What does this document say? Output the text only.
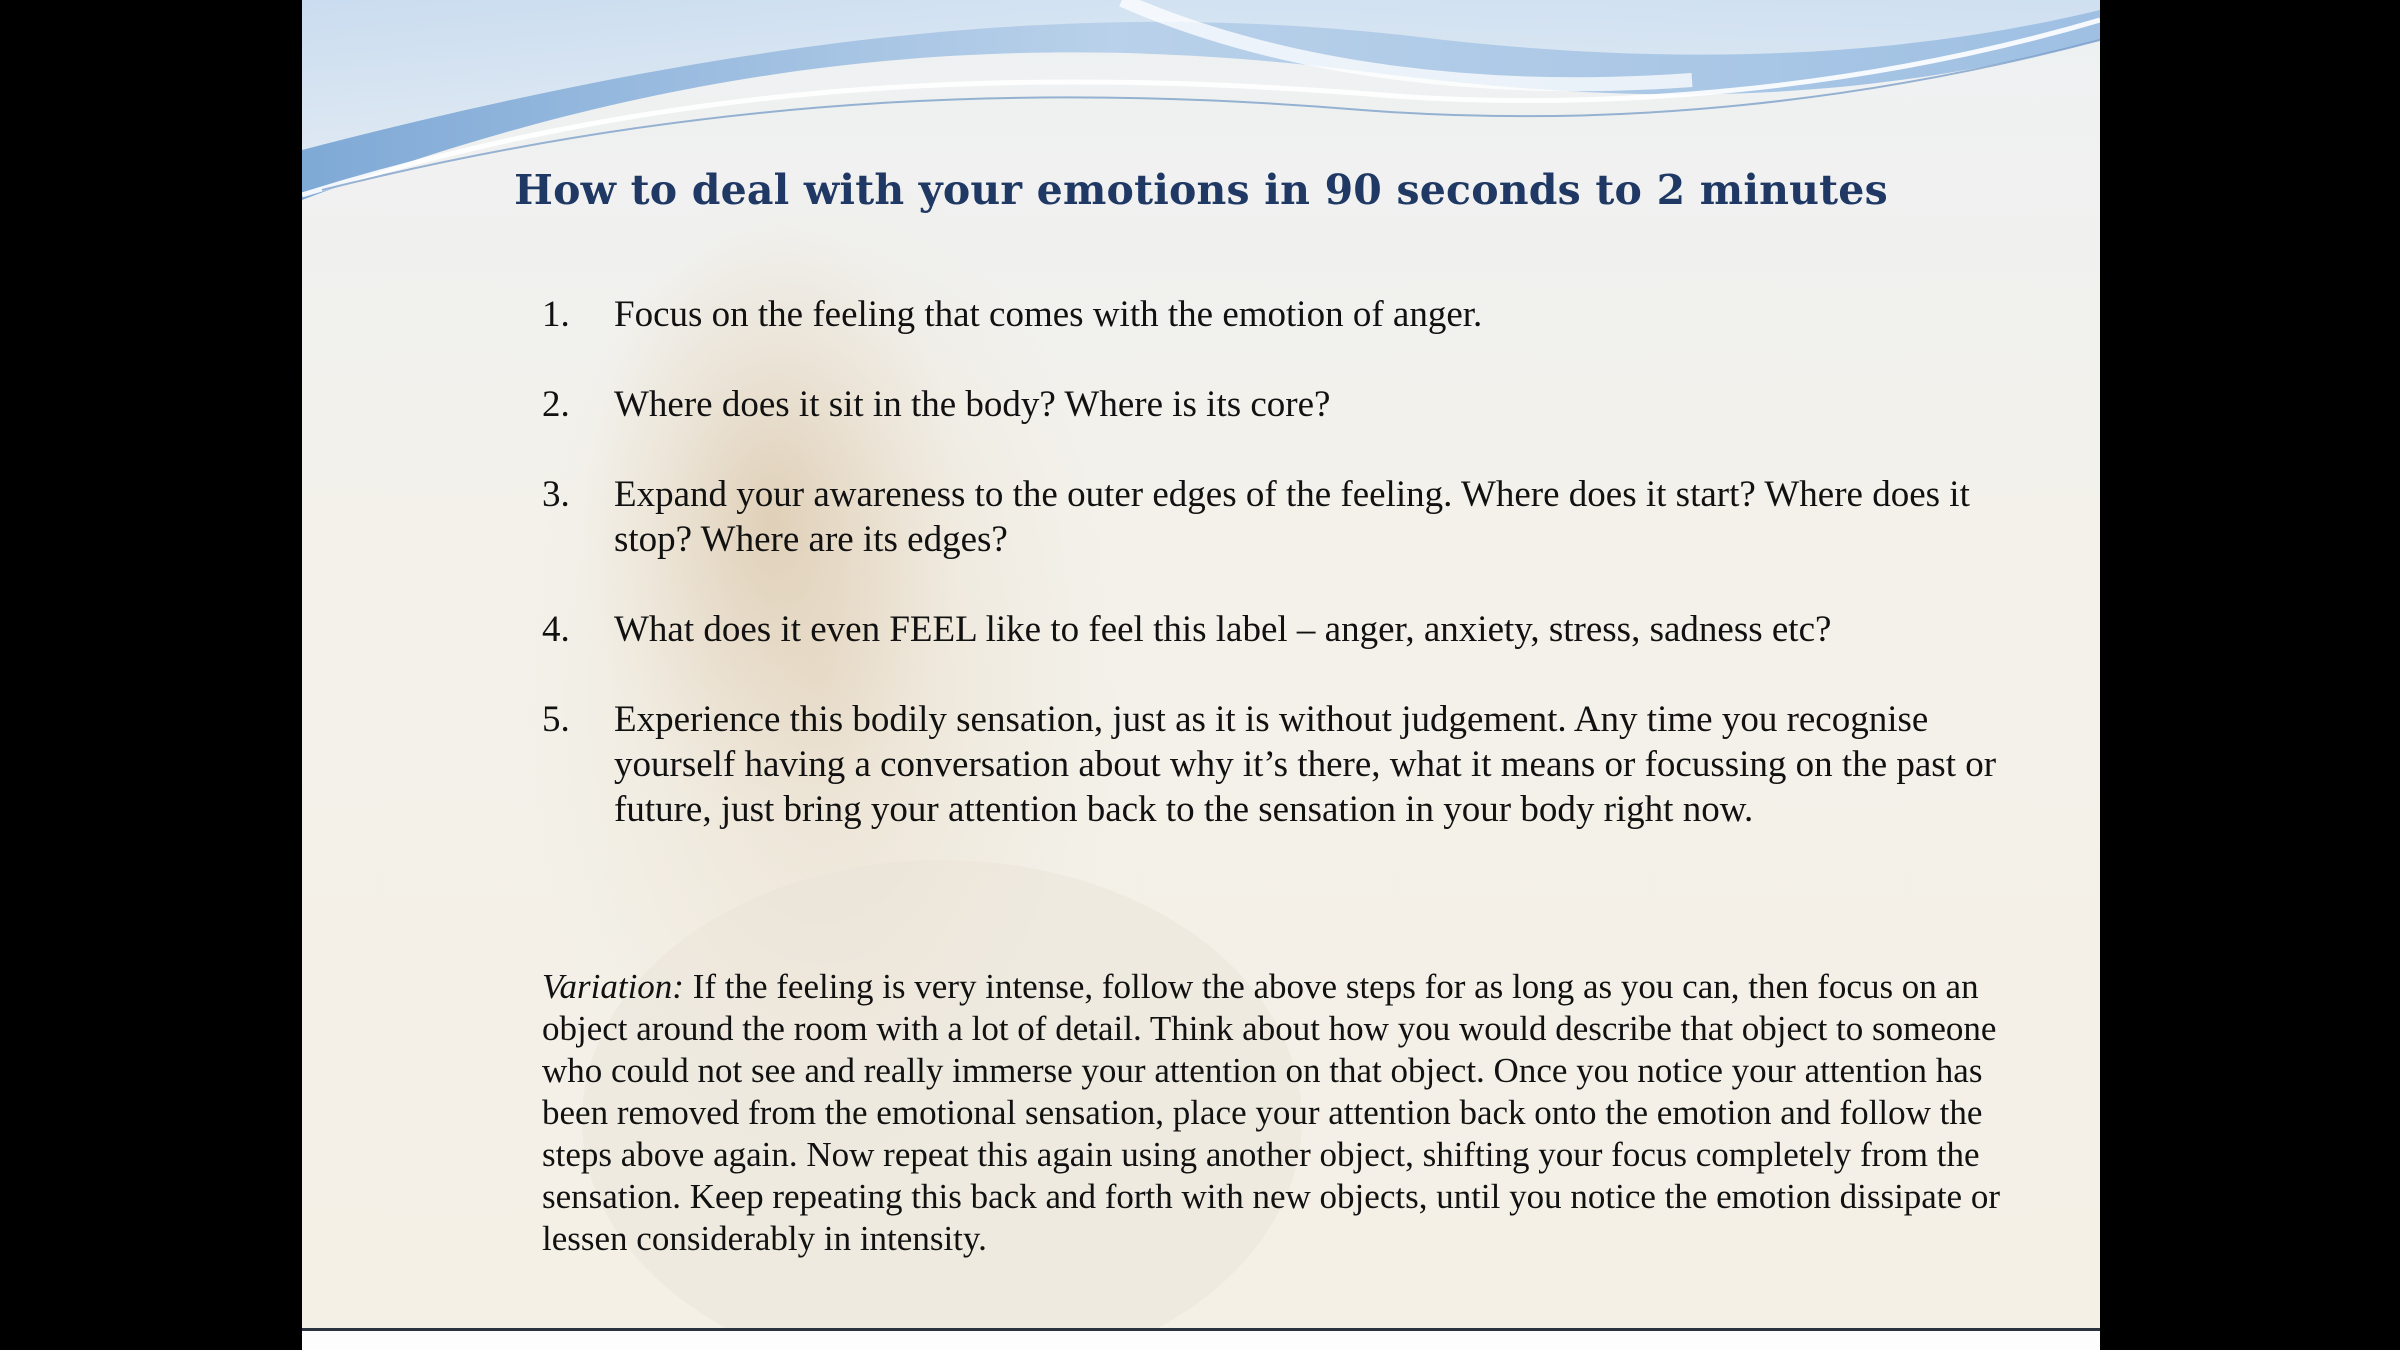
How to deal with your emotions in 90 seconds to 2 minutes
1.	Focus on the feeling that comes with the emotion of anger.
2.	Where does it sit in the body? Where is its core?
3.	Expand your awareness to the outer edges of the feeling. Where does it start? Where does it stop? Where are its edges?
4.	What does it even FEEL like to feel this label – anger, anxiety, stress, sadness etc?
5.	Experience this bodily sensation, just as it is without judgement. Any time you recognise yourself having a conversation about why it’s there, what it means or focussing on the past or future, just bring your attention back to the sensation in your body right now.

Variation: If the feeling is very intense, follow the above steps for as long as you can, then focus on an object around the room with a lot of detail. Think about how you would describe that object to someone who could not see and really immerse your attention on that object. Once you notice your attention has been removed from the emotional sensation, place your attention back onto the emotion and follow the steps above again. Now repeat this again using another object, shifting your focus completely from the sensation. Keep repeating this back and forth with new objects, until you notice the emotion dissipate or lessen considerably in intensity.
